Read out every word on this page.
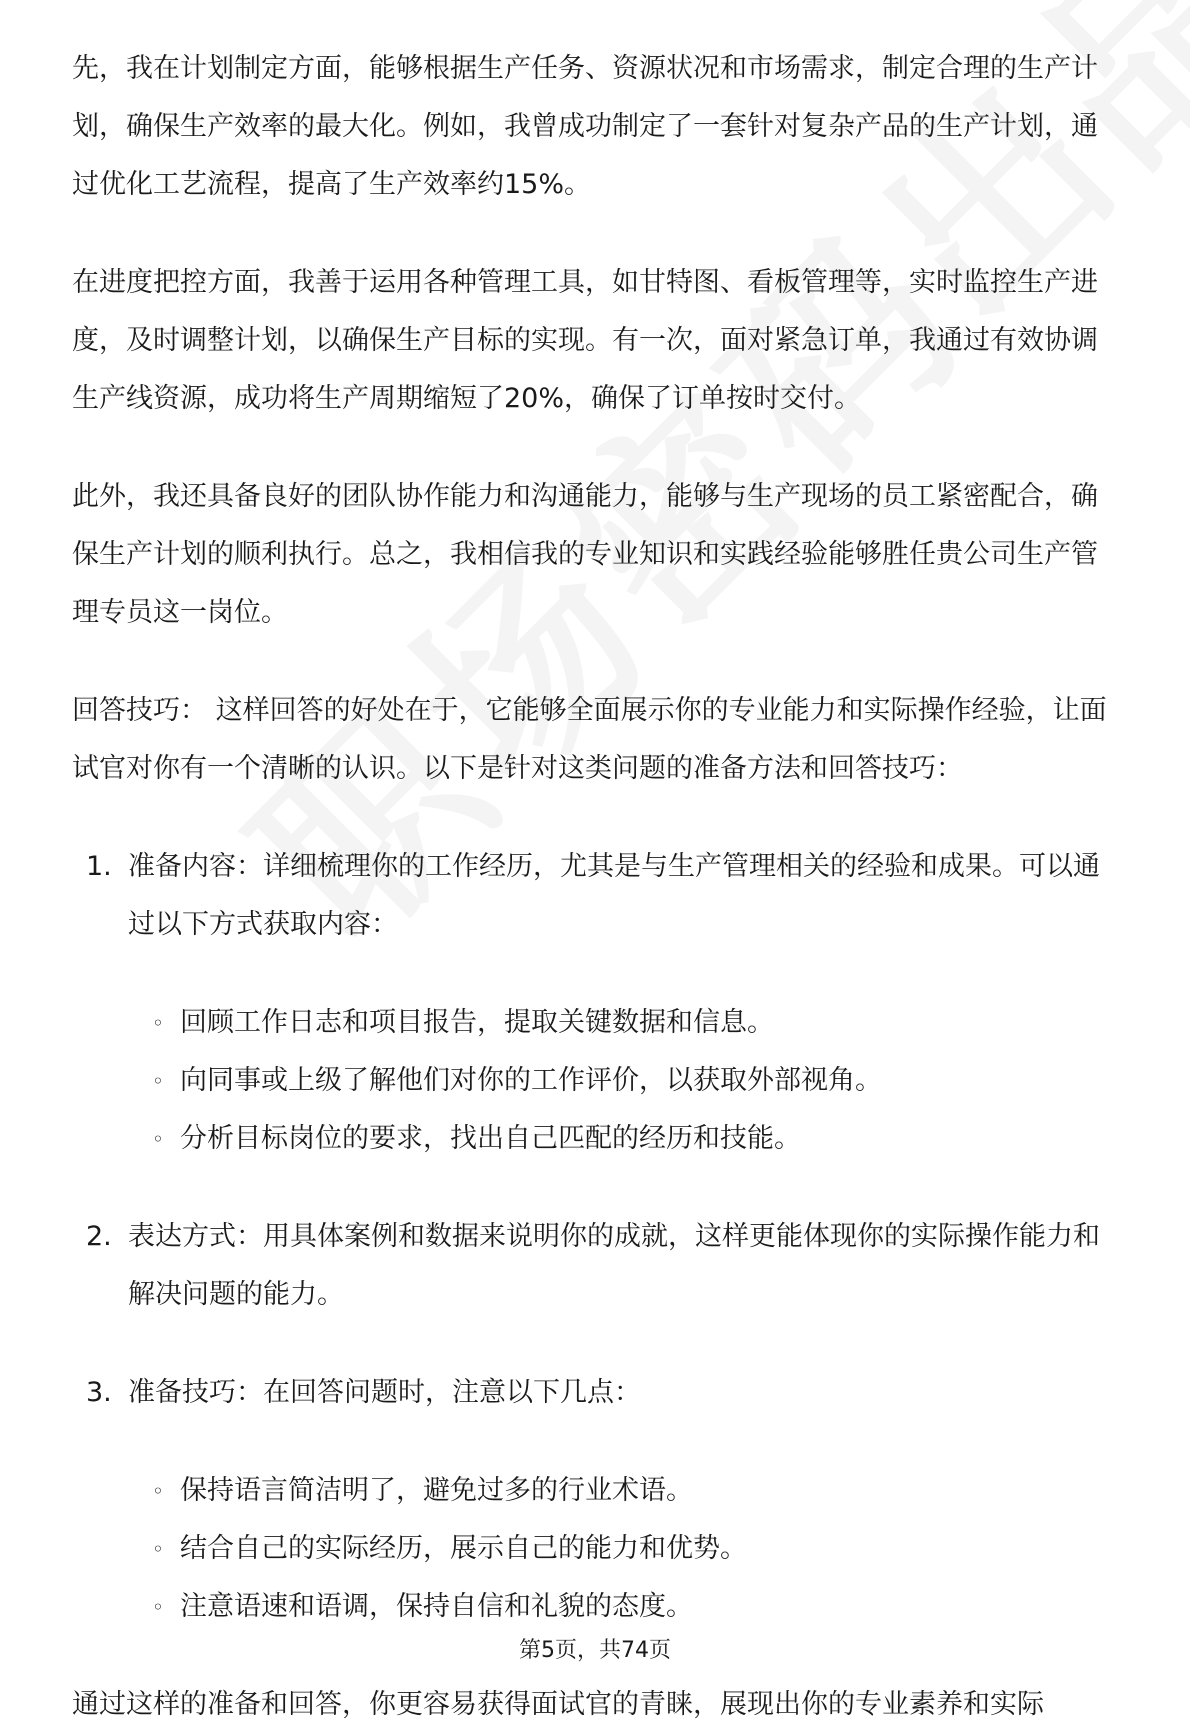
先，我在计划制定方面，能够根据生产任务、资源状况和市场需求，制定合理的生产计划，确保生产效率的最大化。例如，我曾成功制定了一套针对复杂产品的生产计划，通过优化工艺流程，提高了生产效率约15%。

在进度把控方面，我善于运用各种管理工具，如甘特图、看板管理等，实时监控生产进度，及时调整计划，以确保生产目标的实现。有一次，面对紧急订单，我通过有效协调生产线资源，成功将生产周期缩短了20%，确保了订单按时交付。

此外，我还具备良好的团队协作能力和沟通能力，能够与生产现场的员工紧密配合，确保生产计划的顺利执行。总之，我相信我的专业知识和实践经验能够胜任贵公司生产管理专员这一岗位。

回答技巧： 这样回答的好处在于，它能够全面展示你的专业能力和实际操作经验，让面试官对你有一个清晰的认识。以下是针对这类问题的准备方法和回答技巧：

1. 准备内容：详细梳理你的工作经历，尤其是与生产管理相关的经验和成果。可以通过以下方式获取内容：

◦ 回顾工作日志和项目报告，提取关键数据和信息。
◦ 向同事或上级了解他们对你的工作评价，以获取外部视角。
◦ 分析目标岗位的要求，找出自己匹配的经历和技能。
2. 表达方式：用具体案例和数据来说明你的成就，这样更能体现你的实际操作能力和解决问题的能力。

3. 准备技巧：在回答问题时，注意以下几点：

◦ 保持语言简洁明了，避免过多的行业术语。
◦ 结合自己的实际经历，展示自己的能力和优势。
◦ 注意语速和语调，保持自信和礼貌的态度。

通过这样的准备和回答，你更容易获得面试官的青睐，展现出你的专业素养和实际

第5页，共74页
